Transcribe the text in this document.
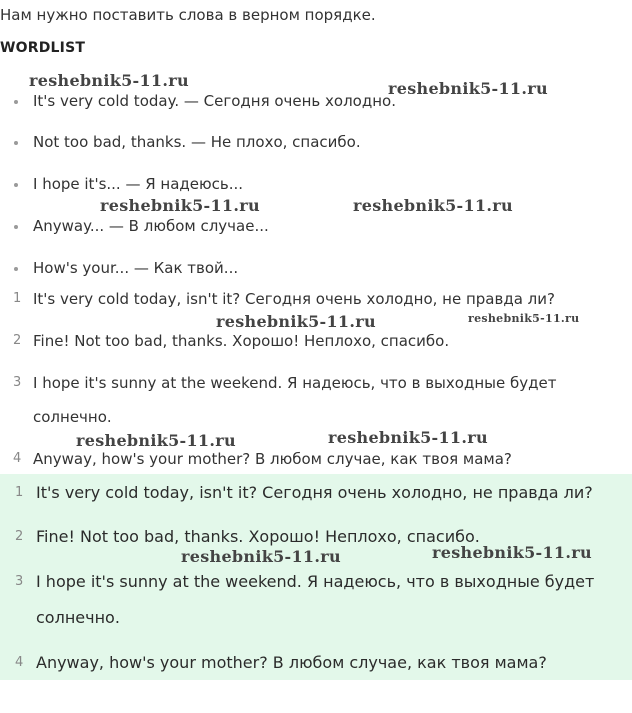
Нам нужно поставить слова в верном порядке.
WORDLIST
It's very cold today. — Сегодня очень холодно.
Not too bad, thanks. — Не плохо, спасибо.
I hope it's... — Я надеюсь...
Anyway... — В любом случае...
How's your... — Как твой...
1 It's very cold today, isn't it? Сегодня очень холодно, не правда ли?
2 Fine! Not too bad, thanks. Хорошо! Неплохо, спасибо.
3 I hope it's sunny at the weekend. Я надеюсь, что в выходные будет
солнечно.
4 Anyway, how's your mother? В любом случае, как твоя мама?
1 It's very cold today, isn't it? Сегодня очень холодно, не правда ли?
2 Fine! Not too bad, thanks. Хорошо! Неплохо, спасибо.
3 I hope it's sunny at the weekend. Я надеюсь, что в выходные будет
солнечно.
4 Anyway, how's your mother? В любом случае, как твоя мама?
reshebnik5-11.ru	reshebnik5-11.ru
reshebnik5-11.ru	reshebnik5-11.ru
reshebnik5-11.ru	reshebnik5-11.ru
reshebnik5-11.ru	reshebnik5-11.ru
reshebnik5-11.ru	reshebnik5-11.ru
